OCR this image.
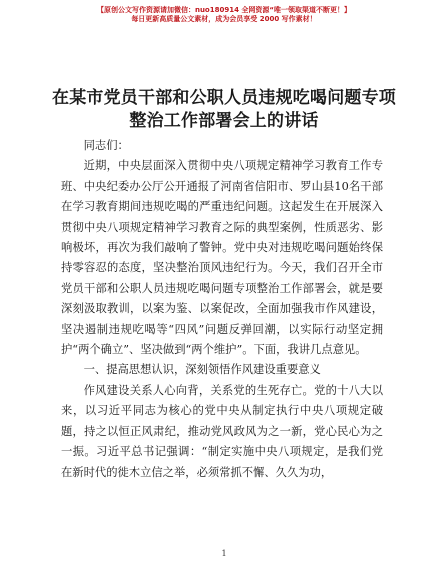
【原创公文写作资源请加微信：nuo180914 全网资源“唯一领取渠道不断更！】
每日更新高质量公文素材，成为会员享受 2000 写作素材！
在某市党员干部和公职人员违规吃喝问题专项
整治工作部署会上的讲话

同志们：

近期，中央层面深入贯彻中央八项规定精神学习教育工作专班、中央纪委办公厅公开通报了河南省信阳市、罗山县10名干部在学习教育期间违规吃喝的严重违纪问题。这起发生在开展深入贯彻中央八项规定精神学习教育之际的典型案例，性质恶劣、影响极坏，再次为我们敲响了警钟。党中央对违规吃喝问题始终保持零容忍的态度，坚决整治顶风违纪行为。今天，我们召开全市党员干部和公职人员违规吃喝问题专项整治工作部署会，就是要深刻汲取教训，以案为鉴、以案促改，全面加强我市作风建设，坚决遏制违规吃喝等“四风”问题反弹回潮，以实际行动坚定拥护“两个确立”、坚决做到“两个维护”。下面，我讲几点意见。

一、提高思想认识，深刻领悟作风建设重要意义

作风建设关系人心向背，关系党的生死存亡。党的十八大以来，以习近平同志为核心的党中央从制定执行中央八项规定破题，持之以恒正风肃纪，推动党风政风为之一新，党心民心为之一振。习近平总书记强调：“制定实施中央八项规定，是我们党在新时代的徙木立信之举，必须常抓不懈、久久为功，

1
